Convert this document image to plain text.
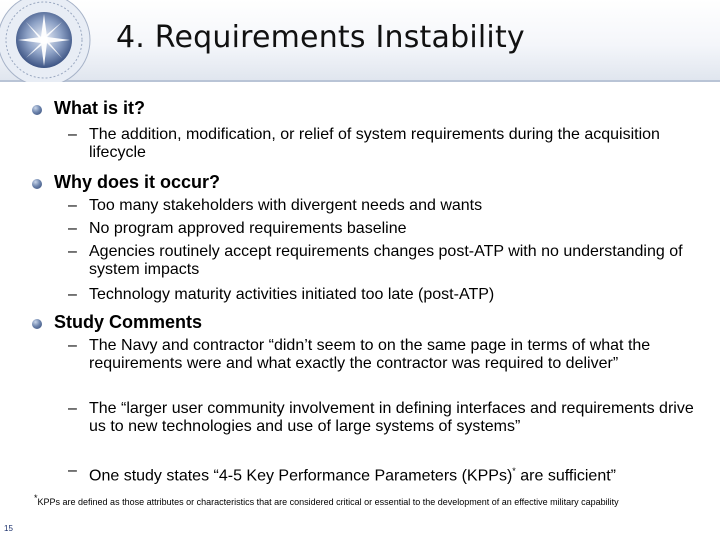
4. Requirements Instability
What is it?
– The addition, modification, or relief of system requirements during the acquisition lifecycle
Why does it occur?
– Too many stakeholders with divergent needs and wants
– No program approved requirements baseline
– Agencies routinely accept requirements changes post-ATP with no understanding of system impacts
– Technology maturity activities initiated too late (post-ATP)
Study Comments
– The Navy and contractor “didn’t seem to on the same page in terms of what the requirements were and what exactly the contractor was required to deliver”
– The “larger user community involvement in defining interfaces and requirements drive us to new technologies and use of large systems of systems”
– One study states “4-5 Key Performance Parameters (KPPs)* are sufficient”
*KPPs are defined as those attributes or characteristics that are considered critical or essential to the development of an effective military capability
15
